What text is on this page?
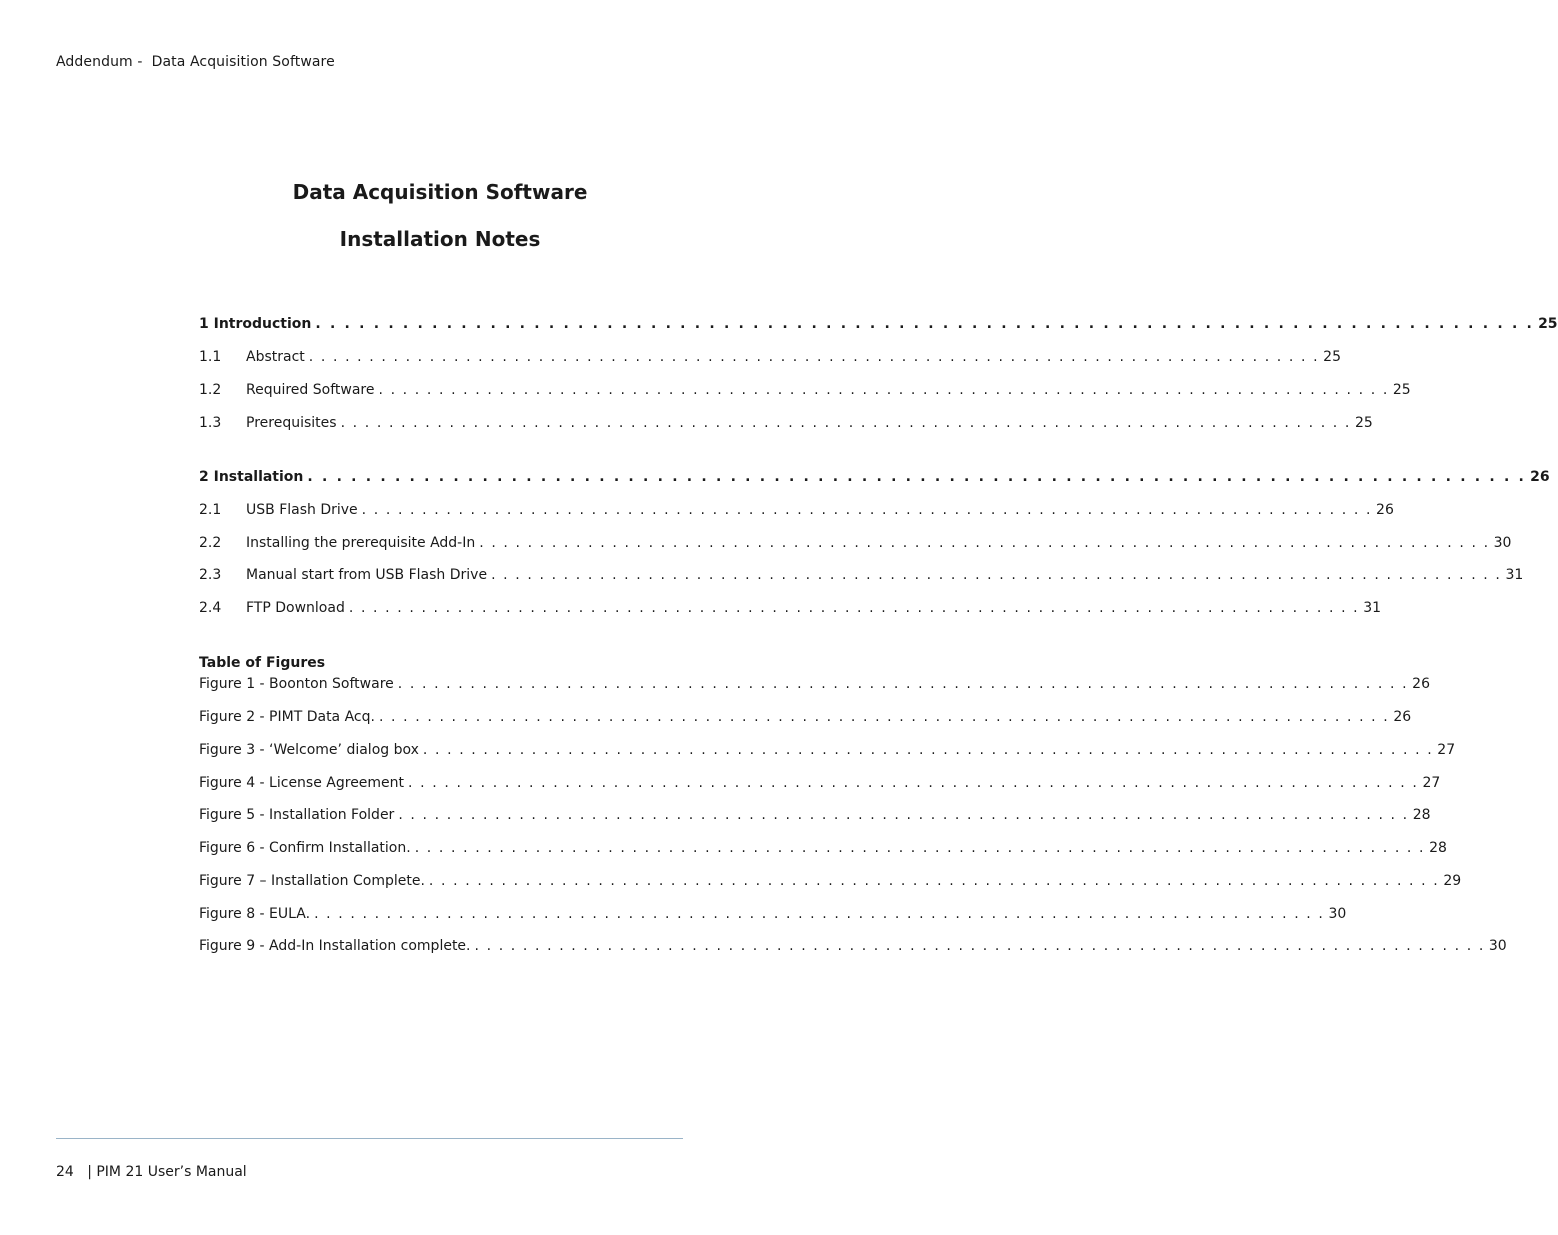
Addendum -  Data Acquisition Software
Data Acquisition Software
Installation Notes
1 Introduction . . . . . . . . . . . . . . . . . . . . . . . . . . . . . . . . . . . . . . . . . . . . . . . . . . . . . . . . . . . . . . . . . . . . . . . . . . . . . . . . . . . . 25
1.1	Abstract . . . . . . . . . . . . . . . . . . . . . . . . . . . . . . . . . . . . . . . . . . . . . . . . . . . . . . . . . . . . . . . . . . . . . . . . . . . . . . . . . . . . 25
1.2	Required Software . . . . . . . . . . . . . . . . . . . . . . . . . . . . . . . . . . . . . . . . . . . . . . . . . . . . . . . . . . . . . . . . . . . . . . . . . . . . . . . . . . . . 25
1.3	Prerequisites . . . . . . . . . . . . . . . . . . . . . . . . . . . . . . . . . . . . . . . . . . . . . . . . . . . . . . . . . . . . . . . . . . . . . . . . . . . . . . . . . . . . 25
2 Installation . . . . . . . . . . . . . . . . . . . . . . . . . . . . . . . . . . . . . . . . . . . . . . . . . . . . . . . . . . . . . . . . . . . . . . . . . . . . . . . . . . . . 26
2.1	USB Flash Drive . . . . . . . . . . . . . . . . . . . . . . . . . . . . . . . . . . . . . . . . . . . . . . . . . . . . . . . . . . . . . . . . . . . . . . . . . . . . . . . . . . . . 26
2.2	Installing the prerequisite Add-In . . . . . . . . . . . . . . . . . . . . . . . . . . . . . . . . . . . . . . . . . . . . . . . . . . . . . . . . . . . . . . . . . . . . . . . . . . . . . . . . . . . . 30
2.3	Manual start from USB Flash Drive . . . . . . . . . . . . . . . . . . . . . . . . . . . . . . . . . . . . . . . . . . . . . . . . . . . . . . . . . . . . . . . . . . . . . . . . . . . . . . . . . . . . 31
2.4	FTP Download . . . . . . . . . . . . . . . . . . . . . . . . . . . . . . . . . . . . . . . . . . . . . . . . . . . . . . . . . . . . . . . . . . . . . . . . . . . . . . . . . . . . 31
Table of Figures
Figure 1 - Boonton Software . . . . . . . . . . . . . . . . . . . . . . . . . . . . . . . . . . . . . . . . . . . . . . . . . . . . . . . . . . . . . . . . . . . . . . . . . . . . . . . . . . . . 26
Figure 2 - PIMT Data Acq. . . . . . . . . . . . . . . . . . . . . . . . . . . . . . . . . . . . . . . . . . . . . . . . . . . . . . . . . . . . . . . . . . . . . . . . . . . . . . . . . . . . . 26
Figure 3 - ‘Welcome’ dialog box . . . . . . . . . . . . . . . . . . . . . . . . . . . . . . . . . . . . . . . . . . . . . . . . . . . . . . . . . . . . . . . . . . . . . . . . . . . . . . . . . . . . 27
Figure 4 - License Agreement . . . . . . . . . . . . . . . . . . . . . . . . . . . . . . . . . . . . . . . . . . . . . . . . . . . . . . . . . . . . . . . . . . . . . . . . . . . . . . . . . . . . 27
Figure 5 - Installation Folder . . . . . . . . . . . . . . . . . . . . . . . . . . . . . . . . . . . . . . . . . . . . . . . . . . . . . . . . . . . . . . . . . . . . . . . . . . . . . . . . . . . . 28
Figure 6 - Confirm Installation. . . . . . . . . . . . . . . . . . . . . . . . . . . . . . . . . . . . . . . . . . . . . . . . . . . . . . . . . . . . . . . . . . . . . . . . . . . . . . . . . . . . . 28
Figure 7 – Installation Complete. . . . . . . . . . . . . . . . . . . . . . . . . . . . . . . . . . . . . . . . . . . . . . . . . . . . . . . . . . . . . . . . . . . . . . . . . . . . . . . . . . . . . 29
Figure 8 - EULA. . . . . . . . . . . . . . . . . . . . . . . . . . . . . . . . . . . . . . . . . . . . . . . . . . . . . . . . . . . . . . . . . . . . . . . . . . . . . . . . . . . . . 30
Figure 9 - Add-In Installation complete. . . . . . . . . . . . . . . . . . . . . . . . . . . . . . . . . . . . . . . . . . . . . . . . . . . . . . . . . . . . . . . . . . . . . . . . . . . . . . . . . . . . . 30
24 | PIM 21 User’s Manual
